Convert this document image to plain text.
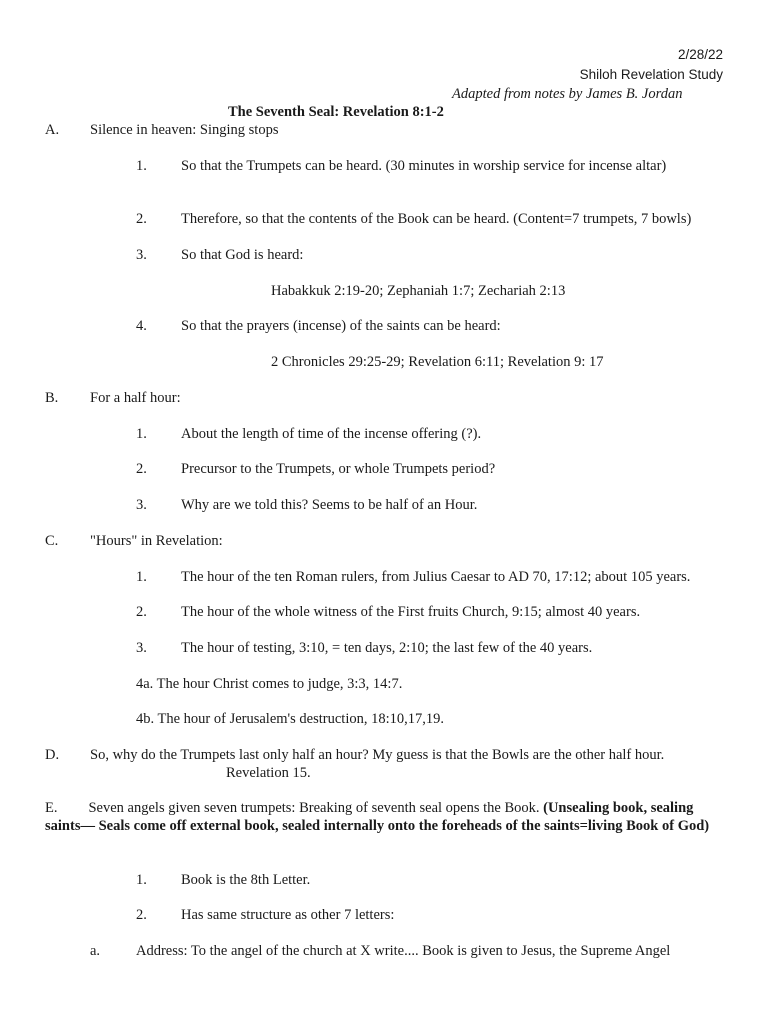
2/28/22
Shiloh Revelation Study
Adapted from notes by James B. Jordan
The Seventh Seal: Revelation 8:1-2
A. Silence in heaven: Singing stops
1. So that the Trumpets can be heard. (30 minutes in worship service for incense altar)
2. Therefore, so that the contents of the Book can be heard. (Content=7 trumpets, 7 bowls)
3. So that God is heard:
Habakkuk 2:19-20; Zephaniah 1:7; Zechariah 2:13
4. So that the prayers (incense) of the saints can be heard:
2 Chronicles 29:25-29; Revelation 6:11; Revelation 9: 17
B. For a half hour:
1. About the length of time of the incense offering (?).
2. Precursor to the Trumpets, or whole Trumpets period?
3. Why are we told this? Seems to be half of an Hour.
C. "Hours" in Revelation:
1. The hour of the ten Roman rulers, from Julius Caesar to AD 70, 17:12; about 105 years.
2. The hour of the whole witness of the First fruits Church, 9:15; almost 40 years.
3. The hour of testing, 3:10, = ten days, 2:10; the last few of the 40 years.
4a. The hour Christ comes to judge, 3:3, 14:7.
4b. The hour of Jerusalem's destruction, 18:10,17,19.
D. So, why do the Trumpets last only half an hour? My guess is that the Bowls are the other half hour.
Revelation 15.
E. Seven angels given seven trumpets: Breaking of seventh seal opens the Book. (Unsealing book, sealing saints— Seals come off external book, sealed internally onto the foreheads of the saints=living Book of God)
1. Book is the 8th Letter.
2. Has same structure as other 7 letters:
a. Address: To the angel of the church at X write.... Book is given to Jesus, the Supreme Angel
